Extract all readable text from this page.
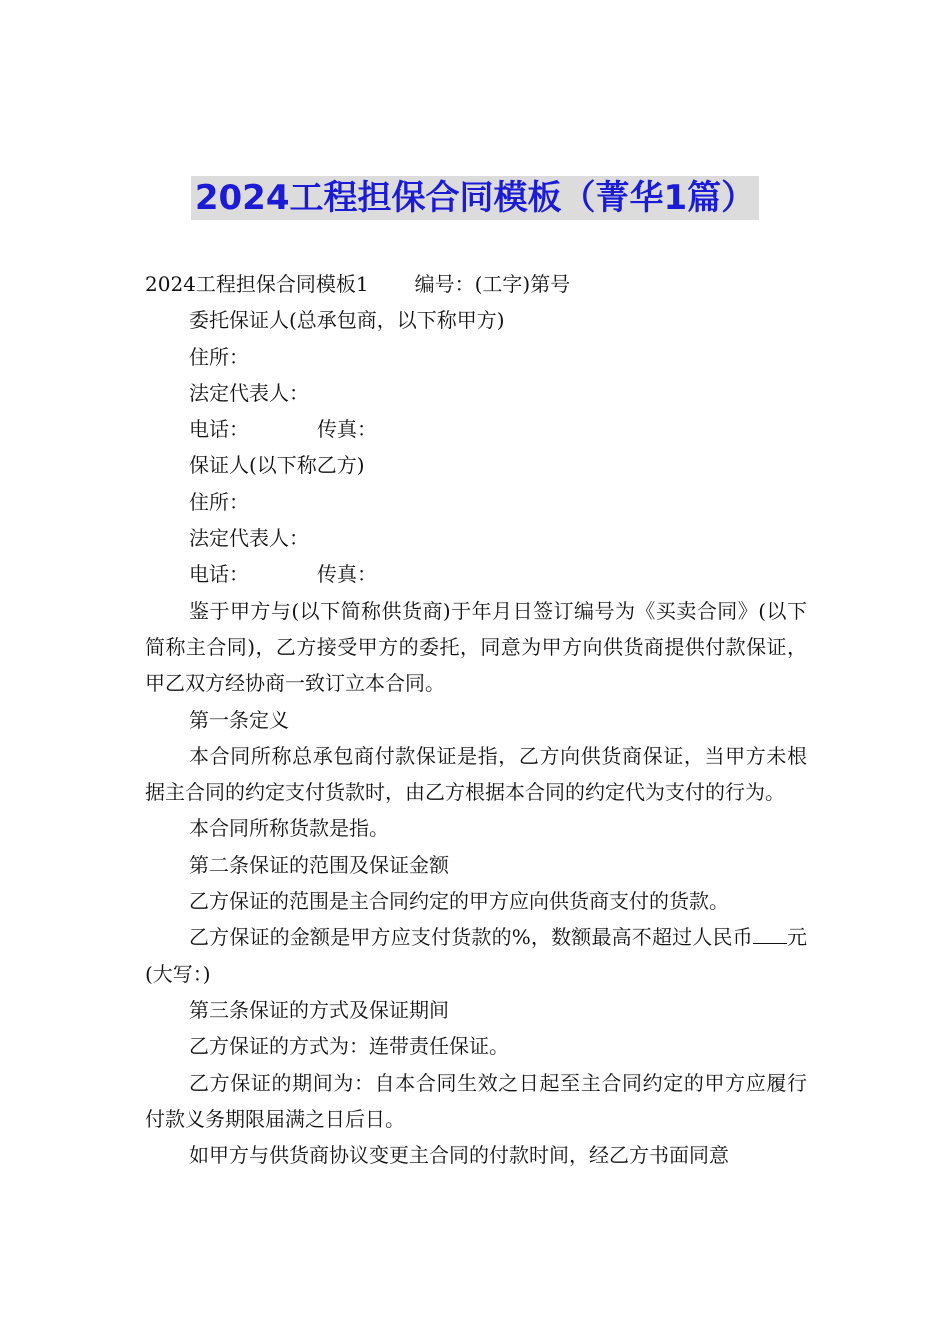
2024工程担保合同模板（菁华1篇）

2024工程担保合同模板1 编号：(工字)第号

委托保证人(总承包商，以下称甲方)

住所：

法定代表人：

电话：	传真：

保证人(以下称乙方)

住所：

法定代表人：

电话：	传真：

鉴于甲方与(以下简称供货商)于年月日签订编号为《买卖合同》(以下简称主合同)，乙方接受甲方的委托，同意为甲方向供货商提供付款保证，甲乙双方经协商一致订立本合同。

第一条定义

本合同所称总承包商付款保证是指，乙方向供货商保证，当甲方未根据主合同的约定支付货款时，由乙方根据本合同的约定代为支付的行为。

本合同所称货款是指。

第二条保证的范围及保证金额

乙方保证的范围是主合同约定的甲方应向供货商支付的货款。

乙方保证的金额是甲方应支付货款的%，数额最高不超过人民币 元(大写：)

第三条保证的方式及保证期间

乙方保证的方式为：连带责任保证。

乙方保证的期间为：自本合同生效之日起至主合同约定的甲方应履行付款义务期限届满之日后日。

如甲方与供货商协议变更主合同的付款时间，经乙方书面同意
